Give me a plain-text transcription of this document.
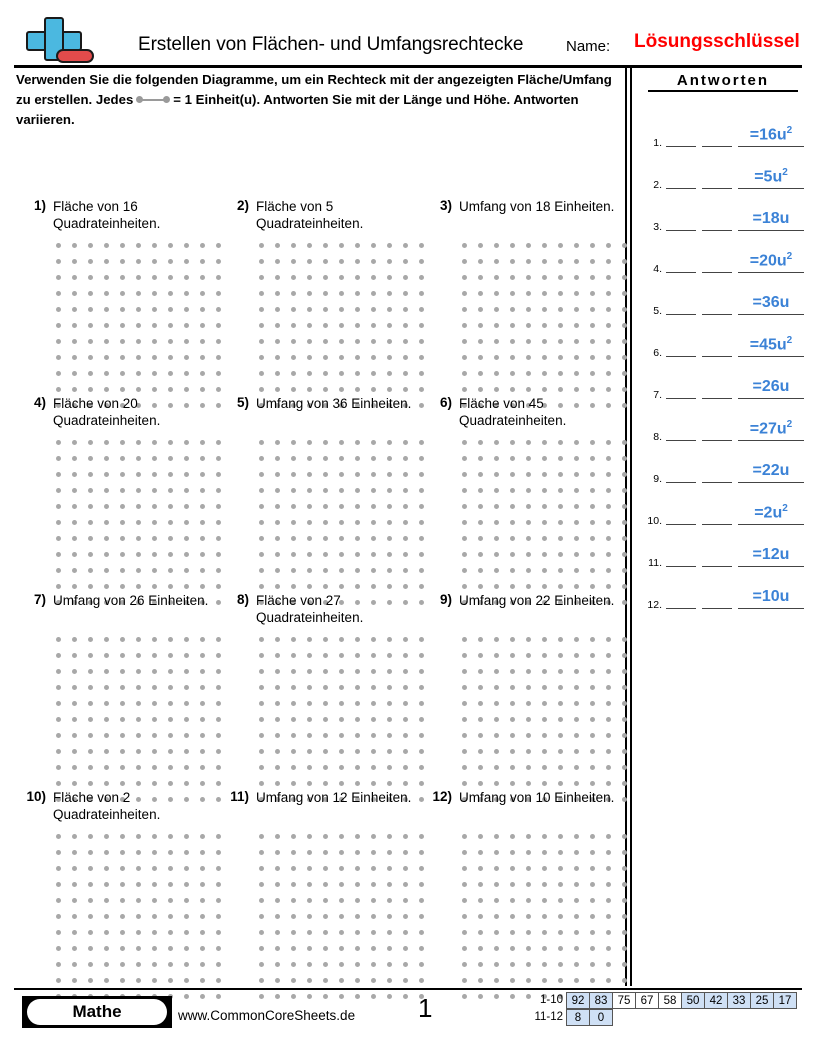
Erstellen von Flächen- und Umfangsrechtecke	Name: Lösungsschlüssel
Verwenden Sie die folgenden Diagramme, um ein Rechteck mit der angezeigten Fläche/Umfang zu erstellen. Jedes	= 1 Einheit(u). Antworten Sie mit der Länge und Höhe. Antworten variieren.
1) Fläche von 16 Quadrateinheiten.
2) Fläche von 5 Quadrateinheiten.
3) Umfang von 18 Einheiten.
4) Fläche von 20 Quadrateinheiten.
5) Umfang von 36 Einheiten.	6) Fläche von 45 Quadrateinheiten.
7) Umfang von 26 Einheiten.	8) Fläche von 27 Quadrateinheiten.
9) Umfang von 22 Einheiten.
10) Fläche von 2 Quadrateinheiten.
11) Umfang von 12 Einheiten.	12) Umfang von 10 Einheiten.
Antworten
1.	$=16u^2$
2.	$=5u^2$
3.	=18u
4.	$=20u^2$
5.	=36u
6.	$=45u^2$
7.	=26u
8.	$=27u^2$
9.	=22u
10.	$=2u^2$
11.	=12u
12.	=10u
Mathe	www.CommonCoreSheets.de 1	1-10 92 83 75 67 58 50 42 33 25 17
11-12 8 0
